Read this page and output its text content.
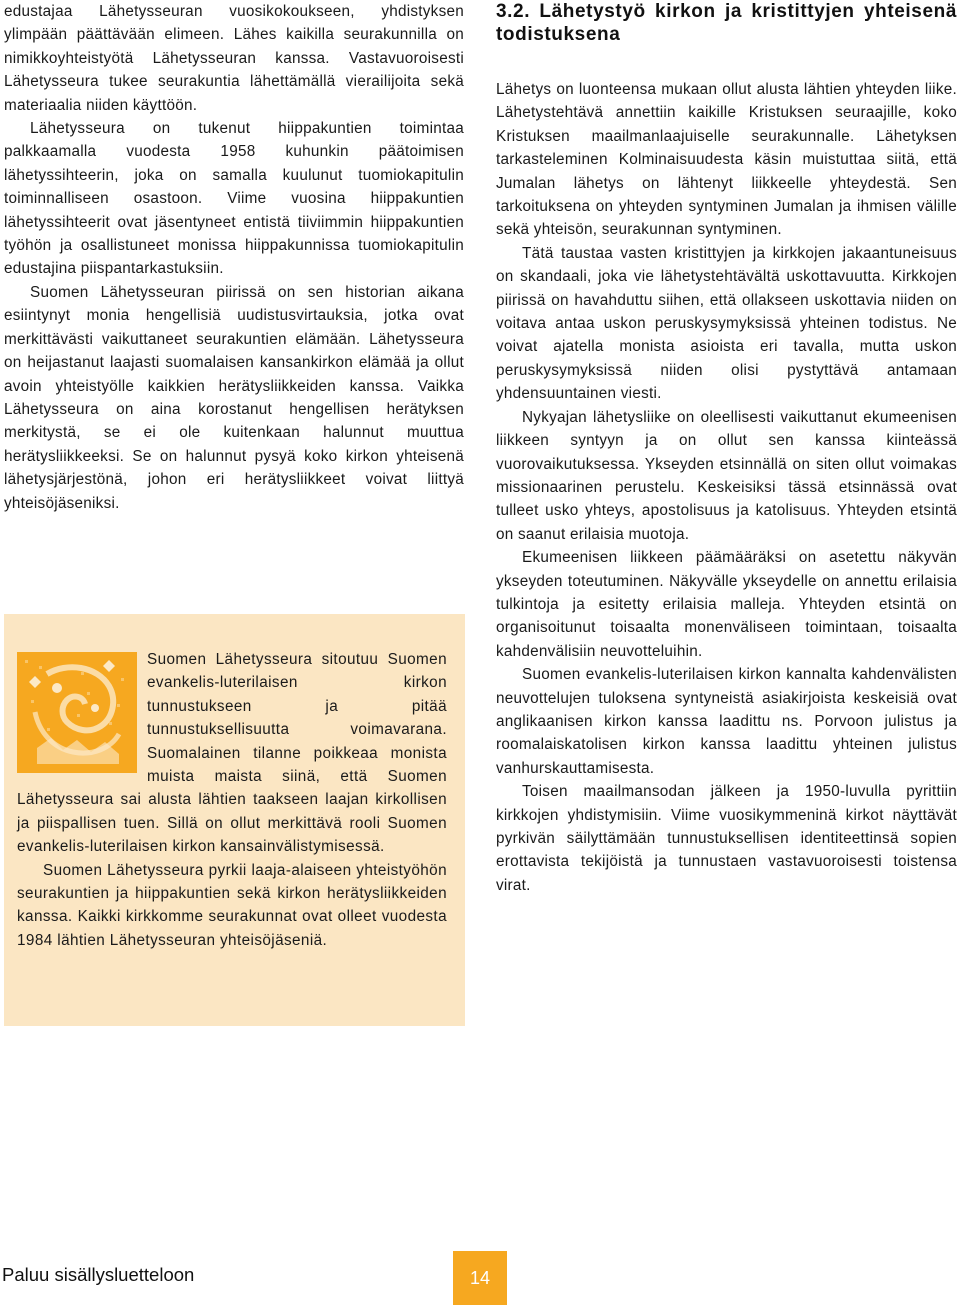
edustajaa Lähetysseuran vuosikokoukseen, yhdistyksen ylimpään päättävään elimeen. Lähes kaikilla seurakunnilla on nimikkoyhteistyötä Lähetysseuran kanssa. Vastavuoroisesti Lähetysseura tukee seurakuntia lähettämällä vierailijoita sekä materiaalia niiden käyttöön.

Lähetysseura on tukenut hiippakuntien toimintaa palkkaamalla vuodesta 1958 kuhunkin päätoimisen lähetyssihteerin, joka on samalla kuulunut tuomiokapitulin toiminnalliseen osastoon. Viime vuosina hiippakuntien lähetyssihteerit ovat jäsentyneet entistä tiiviimmin hiippakuntien työhön ja osallistuneet monissa hiippakunnissa tuomiokapitulin edustajina piispantarkastuksiin.

Suomen Lähetysseuran piirissä on sen historian aikana esiintynyt monia hengellisiä uudistusvirtauksia, jotka ovat merkittävästi vaikuttaneet seurakuntien elämään. Lähetysseura on heijastanut laajasti suomalaisen kansankirkon elämää ja ollut avoin yhteistyölle kaikkien herätysliikkeiden kanssa. Vaikka Lähetysseura on aina korostanut hengellisen herätyksen merkitystä, se ei ole kuitenkaan halunnut muuttua herätysliikkeeksi. Se on halunnut pysyä koko kirkon yhteisenä lähetysjärjestönä, johon eri herätysliikkeet voivat liittyä yhteisöjäseniksi.

Suomen Lähetysseura sitoutuu Suomen evankelis-luterilaisen kirkon tunnustukseen ja pitää tunnustuksellisuutta voimavarana. Suomalainen tilanne poikkeaa monista muista maista siinä, että Suomen Lähetysseura sai alusta lähtien taakseen laajan kirkollisen ja piispallisen tuen. Sillä on ollut merkittävä rooli Suomen evankelis-luterilaisen kirkon kansainvälistymisessä.

Suomen Lähetysseura pyrkii laaja-alaiseen yhteistyöhön seurakuntien ja hiippakuntien sekä kirkon herätysliikkeiden kanssa. Kaikki kirkkomme seurakunnat ovat olleet vuodesta 1984 lähtien Lähetysseuran yhteisöjäseniä.

3.2. Lähetystyö kirkon ja kristittyjen yhteisenä todistuksena

Lähetys on luonteensa mukaan ollut alusta lähtien yhteyden liike. Lähetystehtävä annettiin kaikille Kristuksen seuraajille, koko Kristuksen maailmanlaajuiselle seurakunnalle. Lähetyksen tarkasteleminen Kolminaisuudesta käsin muistuttaa siitä, että Jumalan lähetys on lähtenyt liikkeelle yhteydestä. Sen tarkoituksena on yhteyden syntyminen Jumalan ja ihmisen välille sekä yhteisön, seurakunnan syntyminen.

Tätä taustaa vasten kristittyjen ja kirkkojen jakaantuneisuus on skandaali, joka vie lähetystehtävältä uskottavuutta. Kirkkojen piirissä on havahduttu siihen, että ollakseen uskottavia niiden on voitava antaa uskon peruskysymyksissä yhteinen todistus. Ne voivat ajatella monista asioista eri tavalla, mutta uskon peruskysymyksissä niiden olisi pystyttävä antamaan yhdensuuntainen viesti.

Nykyajan lähetysliike on oleellisesti vaikuttanut ekumeenisen liikkeen syntyyn ja on ollut sen kanssa kiinteässä vuorovaikutuksessa. Ykseyden etsinnällä on siten ollut voimakas missionaarinen perustelu. Keskeisiksi tässä etsinnässä ovat tulleet usko yhteys, apostolisuus ja katolisuus. Yhteyden etsintä on saanut erilaisia muotoja.

Ekumeenisen liikkeen päämääräksi on asetettu näkyvän ykseyden toteutuminen. Näkyvälle ykseydelle on annettu erilaisia tulkintoja ja esitetty erilaisia malleja. Yhteyden etsintä on organisoitunut toisaalta monenväliseen toimintaan, toisaalta kahdenvälisiin neuvotteluihin.

Suomen evankelis-luterilaisen kirkon kannalta kahdenvälisten neuvottelujen tuloksena syntyneistä asiakirjoista keskeisiä ovat anglikaanisen kirkon kanssa laadittu ns. Porvoon julistus ja roomalaiskatolisen kirkon kanssa laadittu yhteinen julistus vanhurskauttamisesta.

Toisen maailmansodan jälkeen ja 1950-luvulla pyrittiin kirkkojen yhdistymisiin. Viime vuosikymmeninä kirkot näyttävät pyrkivän säilyttämään tunnustuksellisen identiteettinsä sopien erottavista tekijöistä ja tunnustaen vastavuoroisesti toistensa virat.

Paluu sisällysluetteloon	14
